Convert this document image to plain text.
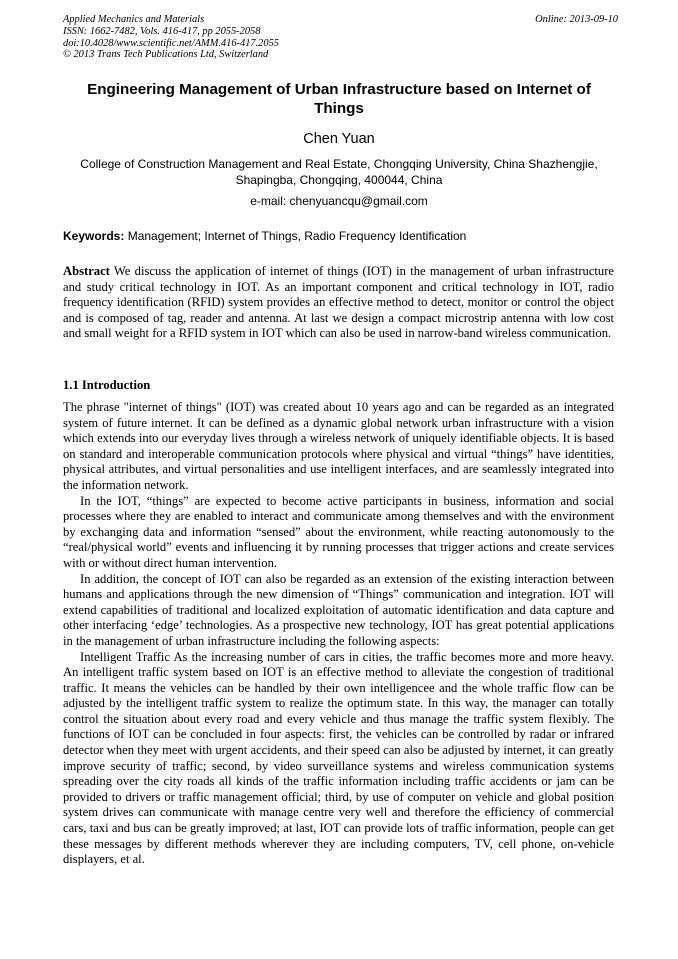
Applied Mechanics and Materials
ISSN: 1662-7482, Vols. 416-417, pp 2055-2058
doi:10.4028/www.scientific.net/AMM.416-417.2055
© 2013 Trans Tech Publications Ltd, Switzerland
Online: 2013-09-10
Engineering Management of Urban Infrastructure based on Internet of Things
Chen Yuan
College of Construction Management and Real Estate, Chongqing University, China Shazhengjie, Shapingba, Chongqing, 400044, China
e-mail: chenyuancqu@gmail.com
Keywords: Management; Internet of Things, Radio Frequency Identification
Abstract We discuss the application of internet of things (IOT) in the management of urban infrastructure and study critical technology in IOT. As an important component and critical technology in IOT, radio frequency identification (RFID) system provides an effective method to detect, monitor or control the object and is composed of tag, reader and antenna. At last we design a compact microstrip antenna with low cost and small weight for a RFID system in IOT which can also be used in narrow-band wireless communication.
1.1 Introduction

The phrase "internet of things" (IOT) was created about 10 years ago and can be regarded as an integrated system of future internet. It can be defined as a dynamic global network urban infrastructure with a vision which extends into our everyday lives through a wireless network of uniquely identifiable objects. It is based on standard and interoperable communication protocols where physical and virtual “things” have identities, physical attributes, and virtual personalities and use intelligent interfaces, and are seamlessly integrated into the information network.

In the IOT, “things” are expected to become active participants in business, information and social processes where they are enabled to interact and communicate among themselves and with the environment by exchanging data and information “sensed” about the environment, while reacting autonomously to the “real/physical world” events and influencing it by running processes that trigger actions and create services with or without direct human intervention.

In addition, the concept of IOT can also be regarded as an extension of the existing interaction between humans and applications through the new dimension of “Things” communication and integration. IOT will extend capabilities of traditional and localized exploitation of automatic identification and data capture and other interfacing ‘edge’ technologies. As a prospective new technology, IOT has great potential applications in the management of urban infrastructure including the following aspects:

Intelligent Traffic As the increasing number of cars in cities, the traffic becomes more and more heavy. An intelligent traffic system based on IOT is an effective method to alleviate the congestion of traditional traffic. It means the vehicles can be handled by their own intelligencee and the whole traffic flow can be adjusted by the intelligent traffic system to realize the optimum state. In this way, the manager can totally control the situation about every road and every vehicle and thus manage the traffic system flexibly. The functions of IOT can be concluded in four aspects: first, the vehicles can be controlled by radar or infrared detector when they meet with urgent accidents, and their speed can also be adjusted by internet, it can greatly improve security of traffic; second, by video surveillance systems and wireless communication systems spreading over the city roads all kinds of the traffic information including traffic accidents or jam can be provided to drivers or traffic management official; third, by use of computer on vehicle and global position system drives can communicate with manage centre very well and therefore the efficiency of commercial cars, taxi and bus can be greatly improved; at last, IOT can provide lots of traffic information, people can get these messages by different methods wherever they are including computers, TV, cell phone, on-vehicle displayers, et al.
